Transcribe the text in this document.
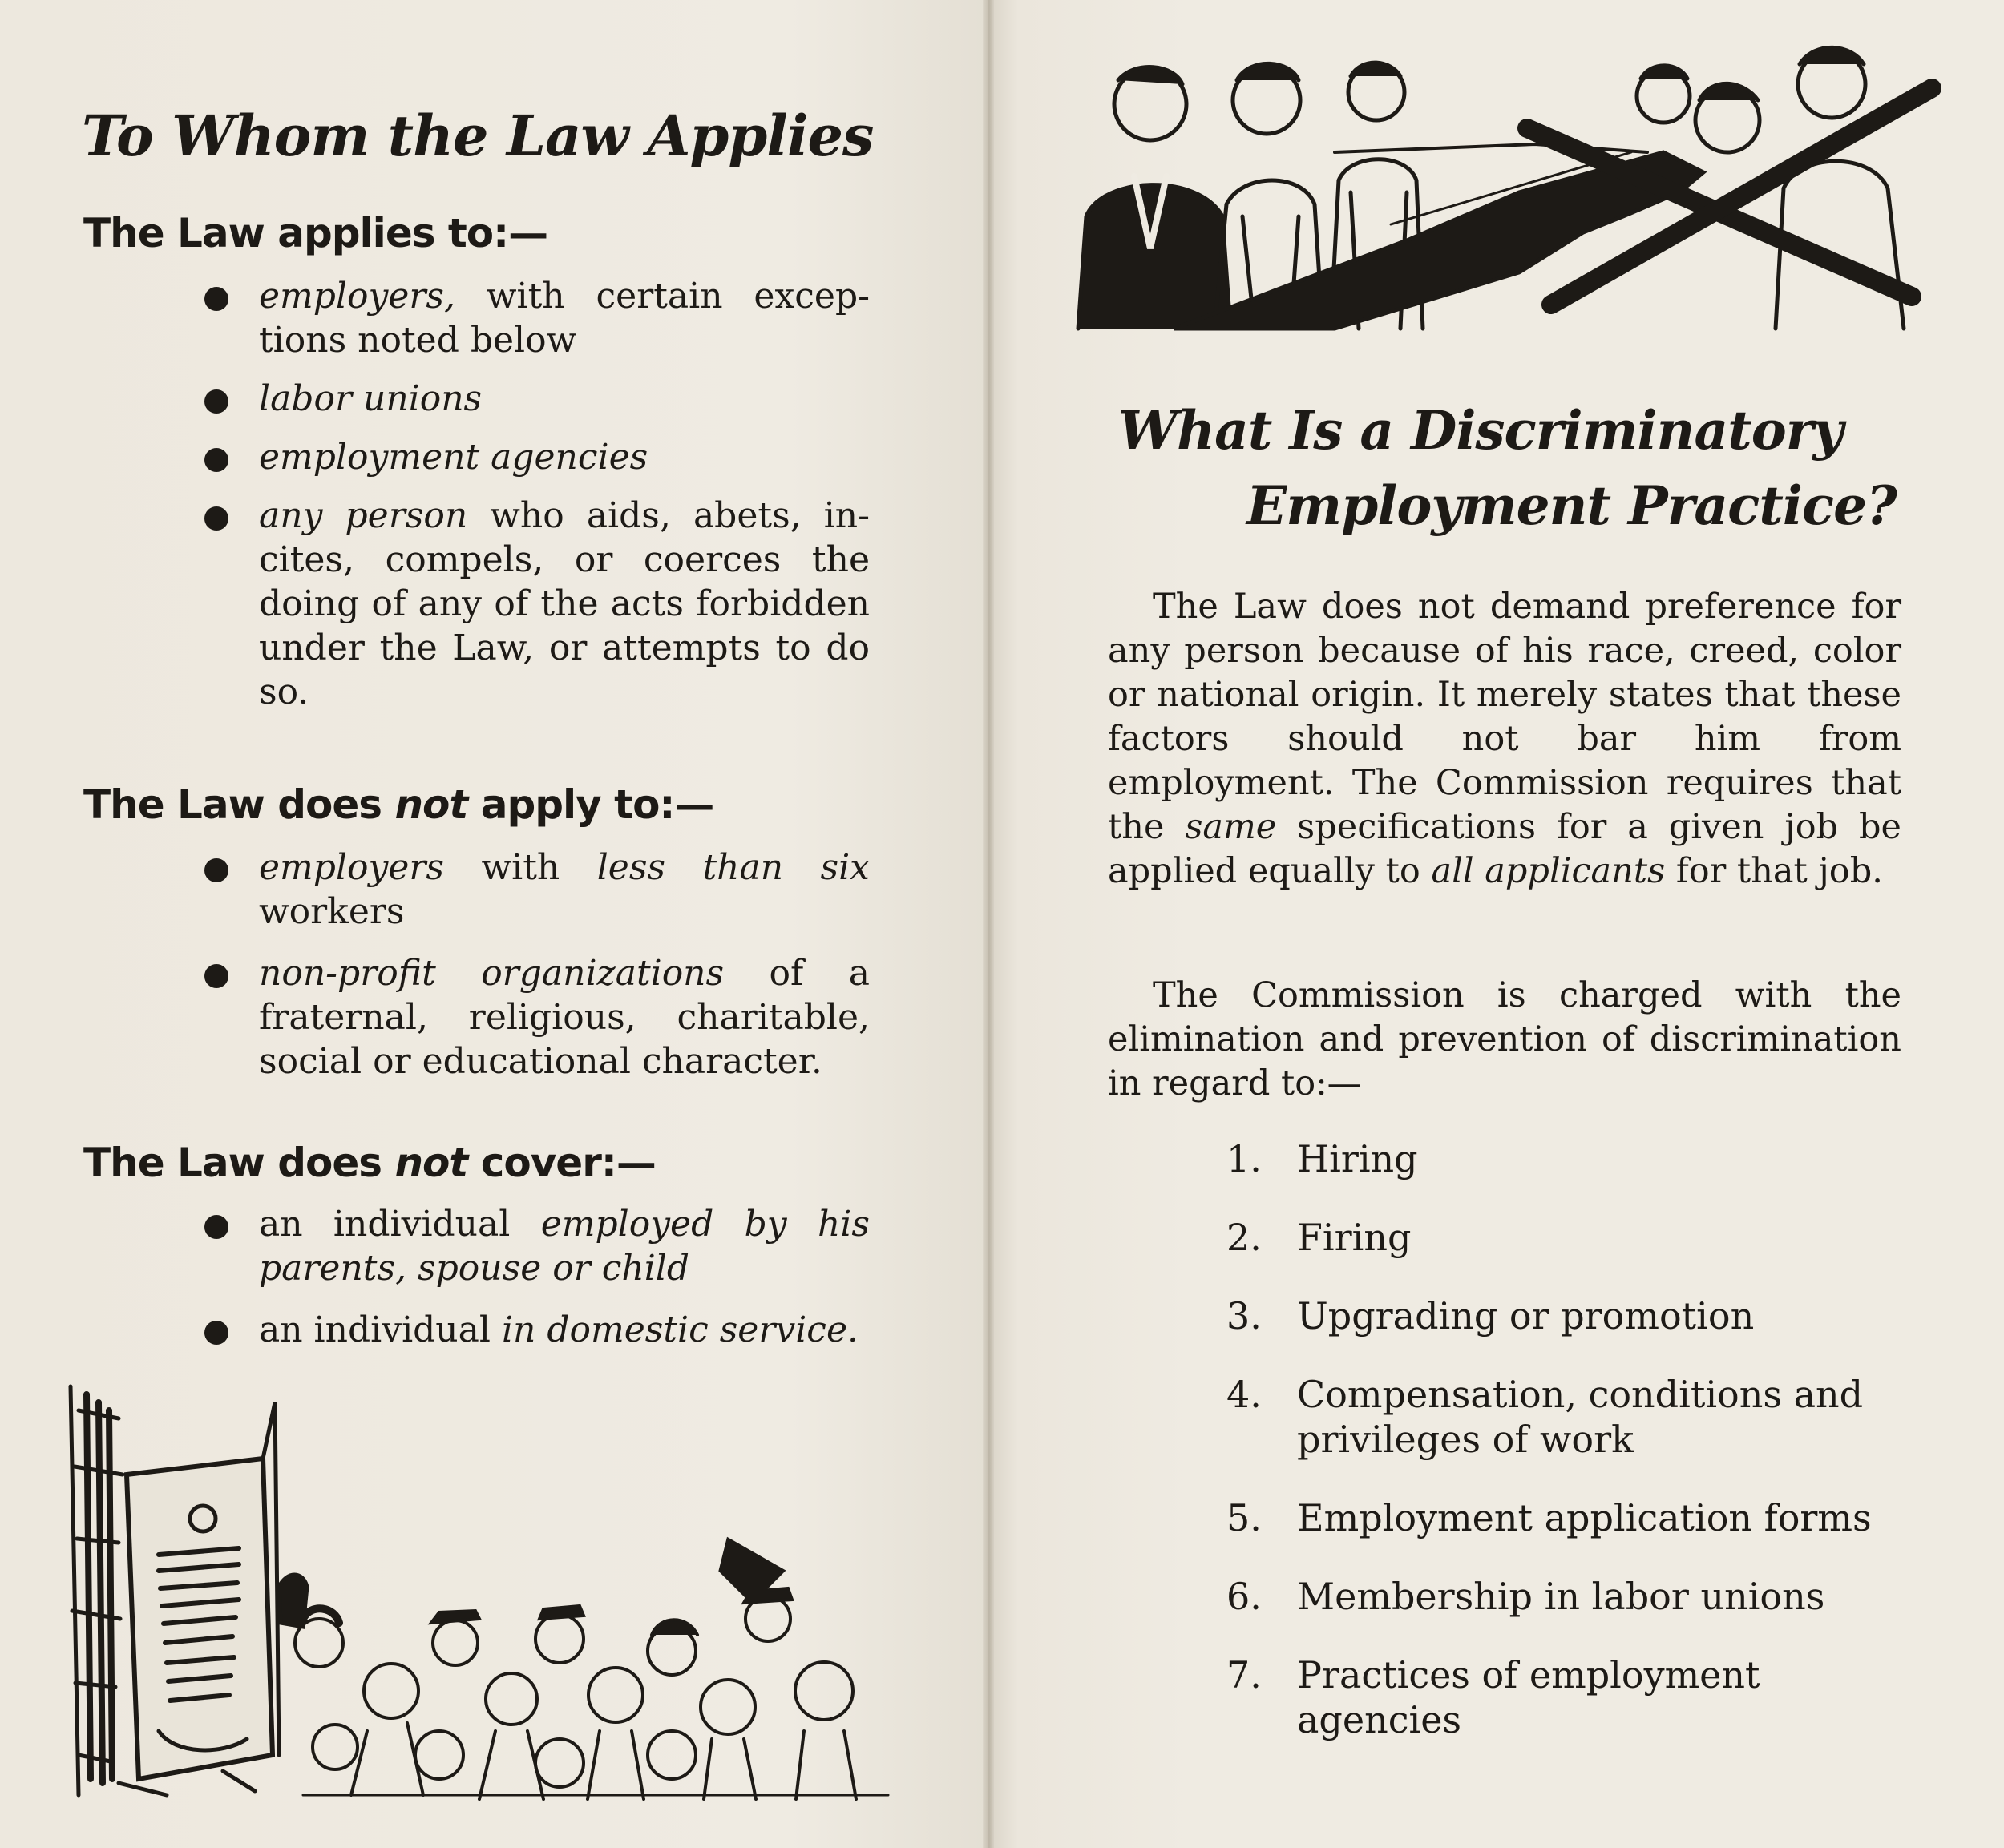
To Whom the Law Applies
The Law applies to:—
employers, with certain exceptions noted below
labor unions
employment agencies
any person who aids, abets, incites, compels, or coerces the doing of any of the acts forbidden under the Law, or attempts to do so.
The Law does not apply to:—
employers with less than six workers
non-profit organizations of a fraternal, religious, charitable, social or educational character.
The Law does not cover:—
an individual employed by his parents, spouse or child
an individual in domestic service.
What Is a Discriminatory
Employment Practice?

The Law does not demand preference for any person because of his race, creed, color or national origin. It merely states that these factors should not bar him from employment. The Commission requires that the same specifications for a given job be applied equally to all applicants for that job.

The Commission is charged with the elimination and prevention of discrimination in regard to:—

1. Hiring
2. Firing
3. Upgrading or promotion
4. Compensation, conditions and privileges of work
5. Employment application forms
6. Membership in labor unions
7. Practices of employment agencies
